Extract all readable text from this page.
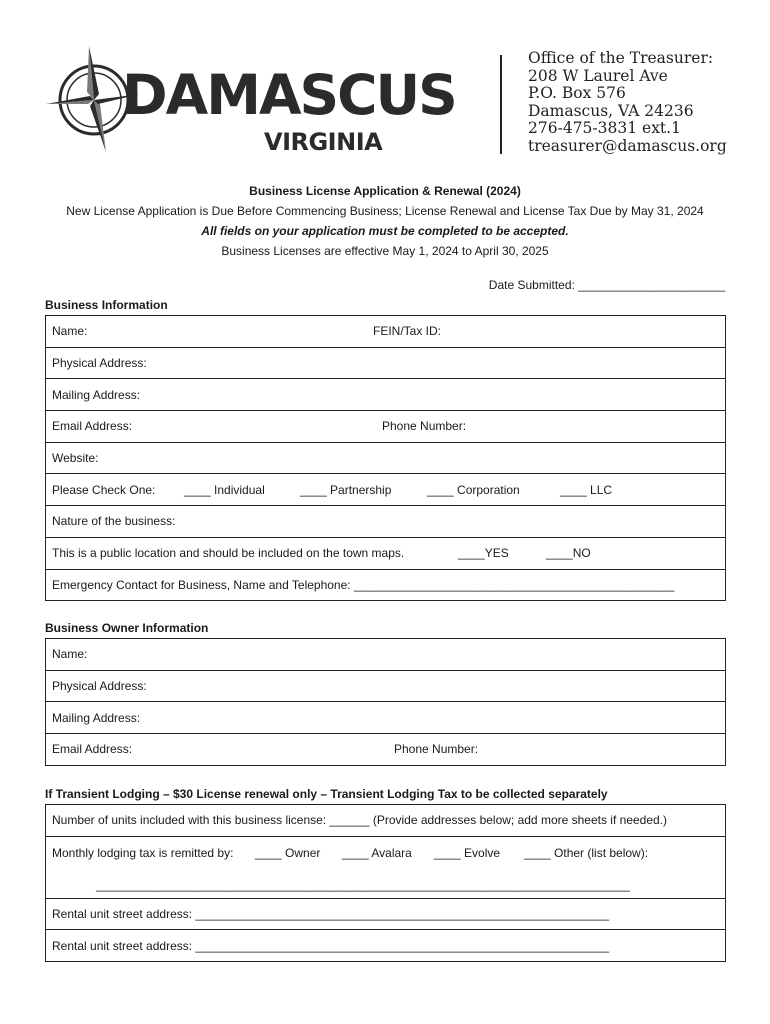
DAMASCUS
VIRGINIA
Office of the Treasurer:
208 W Laurel Ave
P.O. Box 576
Damascus, VA 24236
276-475-3831 ext.1
treasurer@damascus.org
Business License Application & Renewal (2024)
New License Application is Due Before Commencing Business; License Renewal and License Tax Due by May 31, 2024
All fields on your application must be completed to be accepted.
Business Licenses are effective May 1, 2024 to April 30, 2025
Date Submitted: ______________________
Business Information
Name:	FEIN/Tax ID:

Physical Address:
Mailing Address:

Email Address:	Phone Number:

Website:

Please Check One: ____ Individual	____ Partnership	____ Corporation	____ LLC

Nature of the business:

This is a public location and should be included on the town maps.	____YES	____NO

Emergency Contact for Business, Name and Telephone: ________________________________________________
Business Owner Information
Name:
Physical Address:
Mailing Address:

Email Address:	Phone Number:
If Transient Lodging – $30 License renewal only – Transient Lodging Tax to be collected separately
Number of units included with this business license: ______ (Provide addresses below; add more sheets if needed.)

Monthly lodging tax is remitted by: ____ Owner ____ Avalara ____ Evolve ____ Other (list below):
________________________________________________________________________________

Rental unit street address: ______________________________________________________________
Rental unit street address: ______________________________________________________________
